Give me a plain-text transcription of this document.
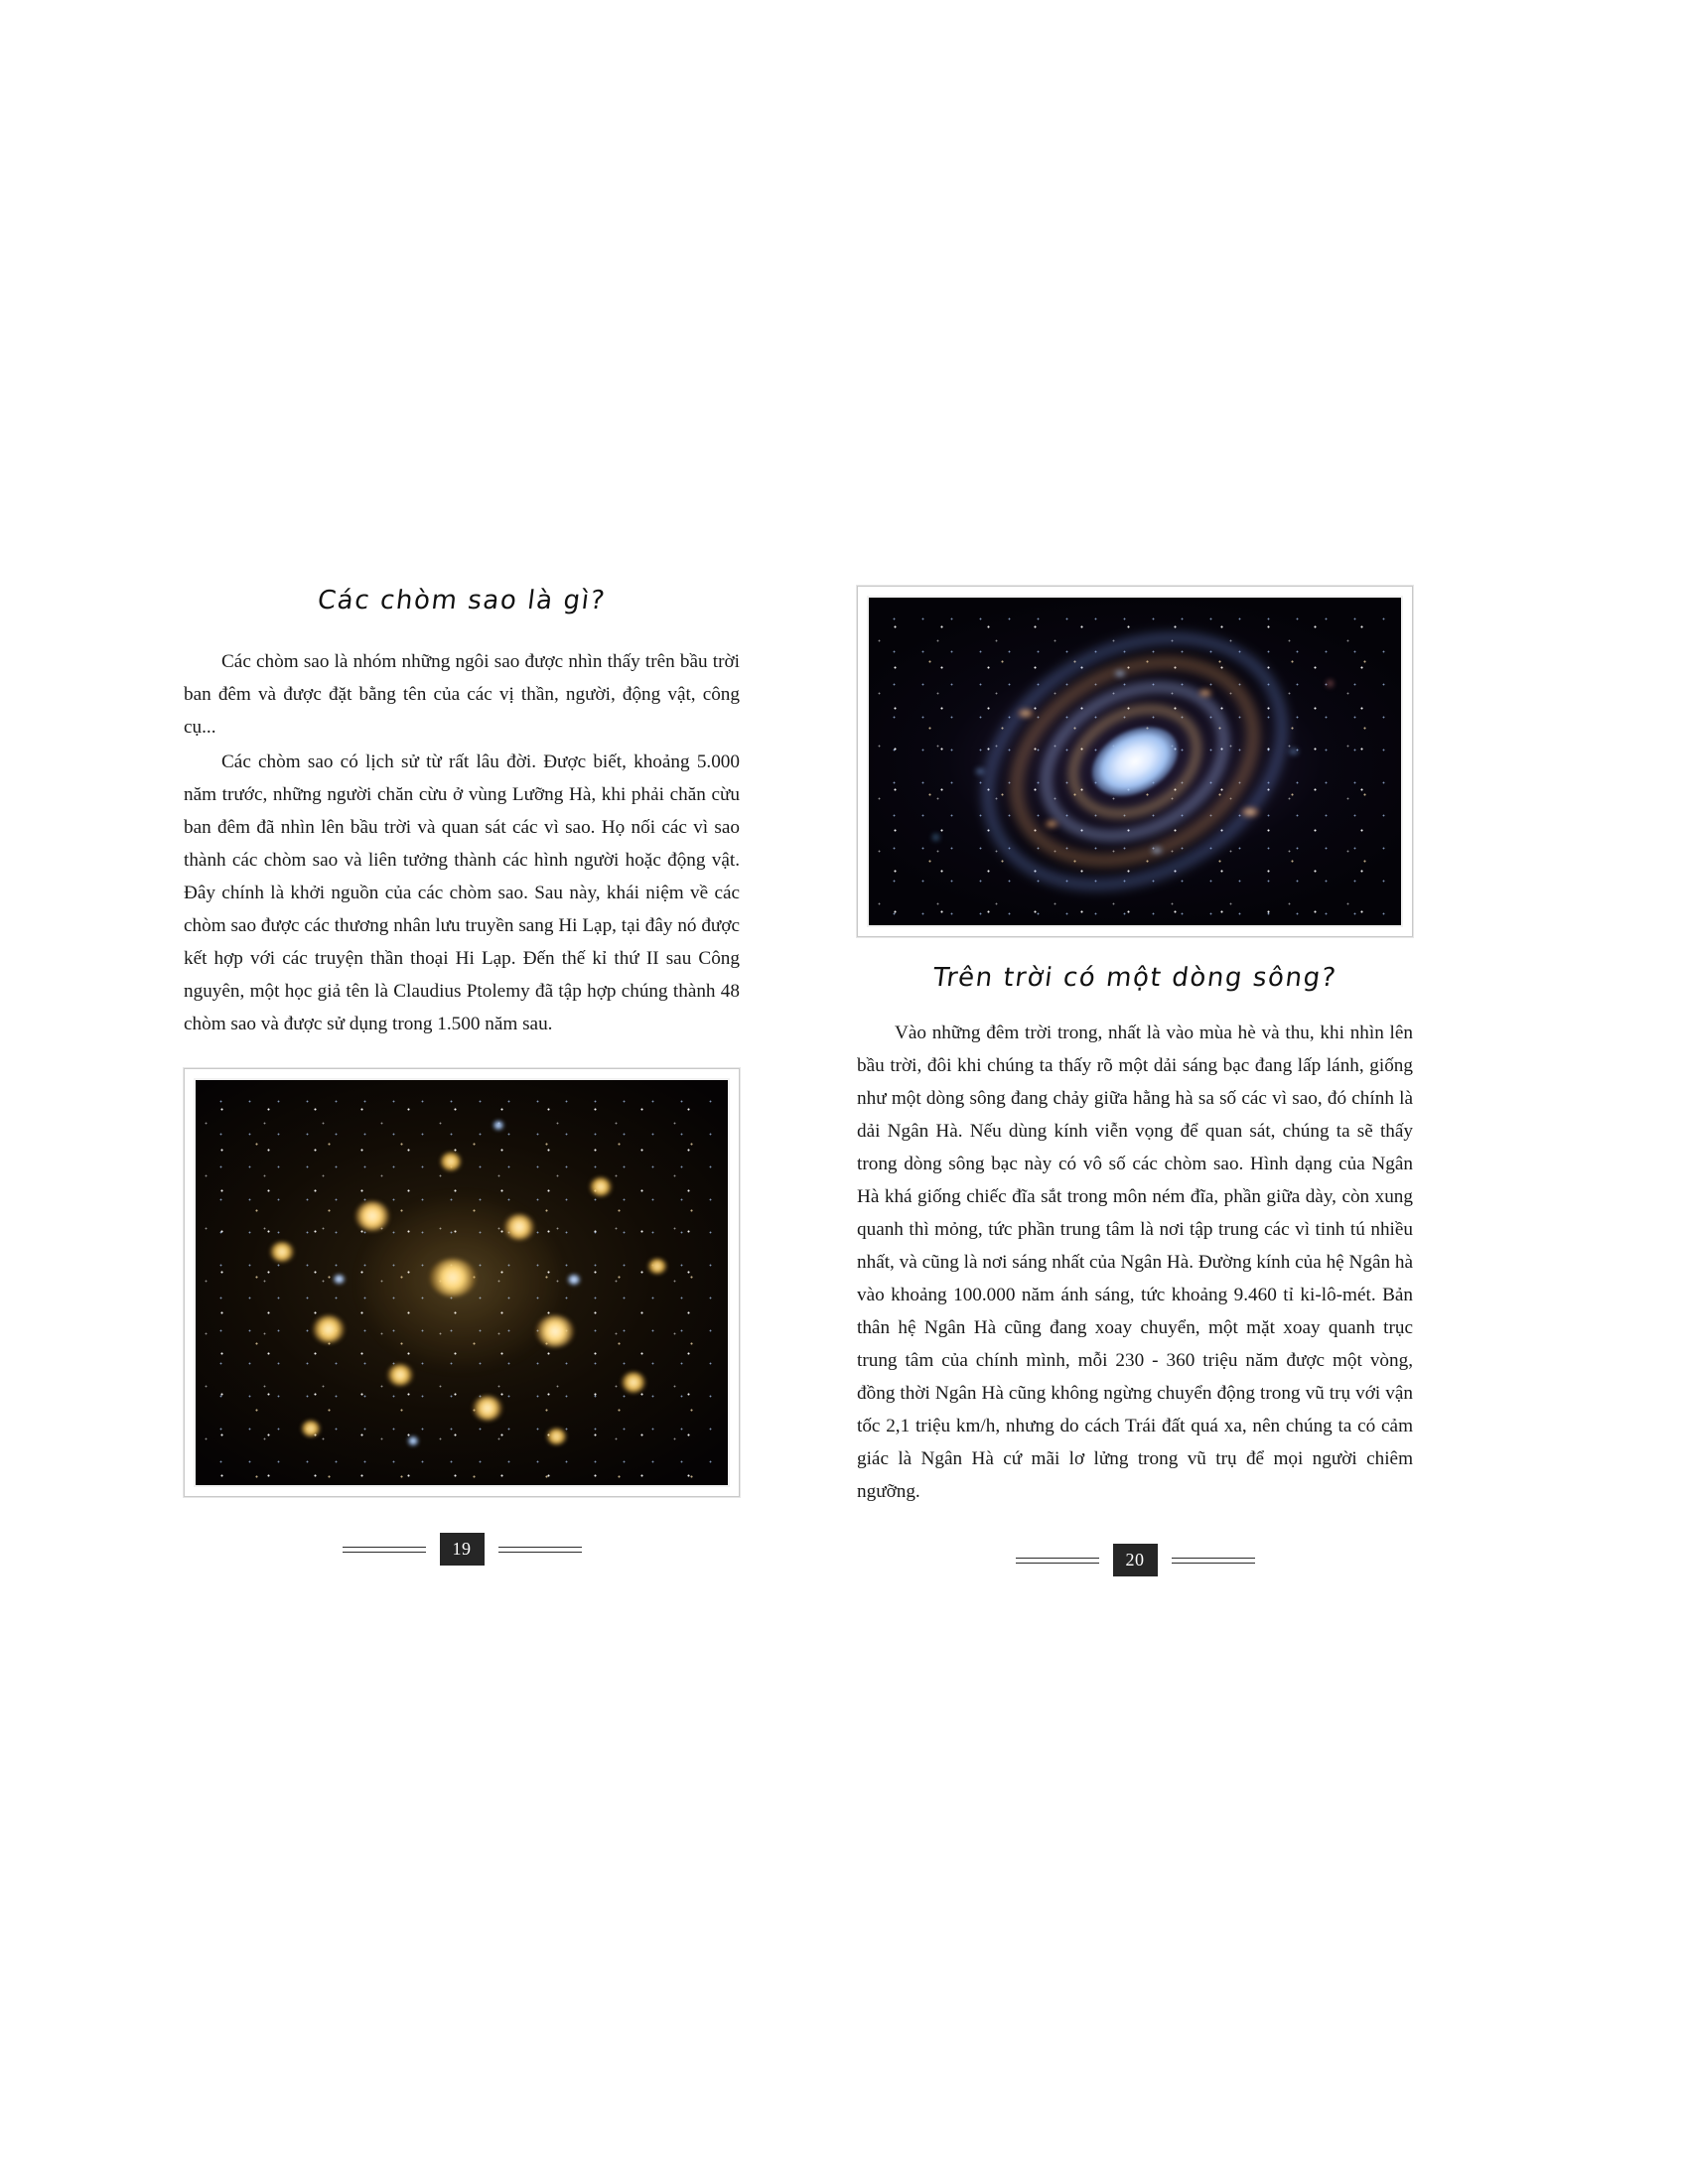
Các chòm sao là gì?

Các chòm sao là nhóm những ngôi sao được nhìn thấy trên bầu trời ban đêm và được đặt bằng tên của các vị thần, người, động vật, công cụ...

Các chòm sao có lịch sử từ rất lâu đời. Được biết, khoảng 5.000 năm trước, những người chăn cừu ở vùng Lưỡng Hà, khi phải chăn cừu ban đêm đã nhìn lên bầu trời và quan sát các vì sao. Họ nối các vì sao thành các chòm sao và liên tưởng thành các hình người hoặc động vật. Đây chính là khởi nguồn của các chòm sao. Sau này, khái niệm về các chòm sao được các thương nhân lưu truyền sang Hi Lạp, tại đây nó được kết hợp với các truyện thần thoại Hi Lạp. Đến thế kỉ thứ II sau Công nguyên, một học giả tên là Claudius Ptolemy đã tập hợp chúng thành 48 chòm sao và được sử dụng trong 1.500 năm sau.

19
Trên trời có một dòng sông?

Vào những đêm trời trong, nhất là vào mùa hè và thu, khi nhìn lên bầu trời, đôi khi chúng ta thấy rõ một dải sáng bạc đang lấp lánh, giống như một dòng sông đang chảy giữa hằng hà sa số các vì sao, đó chính là dải Ngân Hà. Nếu dùng kính viễn vọng để quan sát, chúng ta sẽ thấy trong dòng sông bạc này có vô số các chòm sao. Hình dạng của Ngân Hà khá giống chiếc đĩa sắt trong môn ném đĩa, phần giữa dày, còn xung quanh thì mỏng, tức phần trung tâm là nơi tập trung các vì tinh tú nhiều nhất, và cũng là nơi sáng nhất của Ngân Hà. Đường kính của hệ Ngân hà vào khoảng 100.000 năm ánh sáng, tức khoảng 9.460 tỉ ki-lô-mét. Bản thân hệ Ngân Hà cũng đang xoay chuyển, một mặt xoay quanh trục trung tâm của chính mình, mỗi 230 - 360 triệu năm được một vòng, đồng thời Ngân Hà cũng không ngừng chuyển động trong vũ trụ với vận tốc 2,1 triệu km/h, nhưng do cách Trái đất quá xa, nên chúng ta có cảm giác là Ngân Hà cứ mãi lơ lửng trong vũ trụ để mọi người chiêm ngưỡng.

20
